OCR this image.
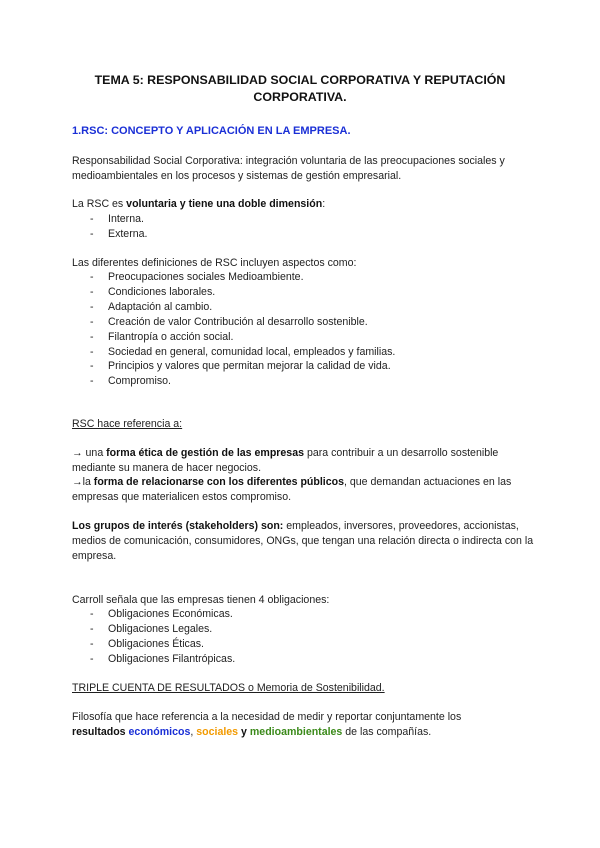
TEMA 5: RESPONSABILIDAD SOCIAL CORPORATIVA Y REPUTACIÓN
CORPORATIVA.
1.RSC: CONCEPTO Y APLICACIÓN EN LA EMPRESA.
Responsabilidad Social Corporativa: integración voluntaria de las preocupaciones sociales y medioambientales en los procesos y sistemas de gestión empresarial.
La RSC es voluntaria y tiene una doble dimensión:
- Interna.
- Externa.
Las diferentes definiciones de RSC incluyen aspectos como:
- Preocupaciones sociales Medioambiente.
- Condiciones laborales.
- Adaptación al cambio.
- Creación de valor Contribución al desarrollo sostenible.
- Filantropía o acción social.
- Sociedad en general, comunidad local, empleados y familias.
- Principios y valores que permitan mejorar la calidad de vida.
- Compromiso.
RSC hace referencia a:
→ una forma ética de gestión de las empresas para contribuir a un desarrollo sostenible mediante su manera de hacer negocios.
→la forma de relacionarse con los diferentes públicos, que demandan actuaciones en las empresas que materialicen estos compromiso.
Los grupos de interés (stakeholders) son: empleados, inversores, proveedores, accionistas, medios de comunicación, consumidores, ONGs, que tengan una relación directa o indirecta con la empresa.
Carroll señala que las empresas tienen 4 obligaciones:
- Obligaciones Económicas.
- Obligaciones Legales.
- Obligaciones Éticas.
- Obligaciones Filantrópicas.
TRIPLE CUENTA DE RESULTADOS o Memoria de Sostenibilidad.
Filosofía que hace referencia a la necesidad de medir y reportar conjuntamente los
resultados económicos, sociales y medioambientales de las compañías.
